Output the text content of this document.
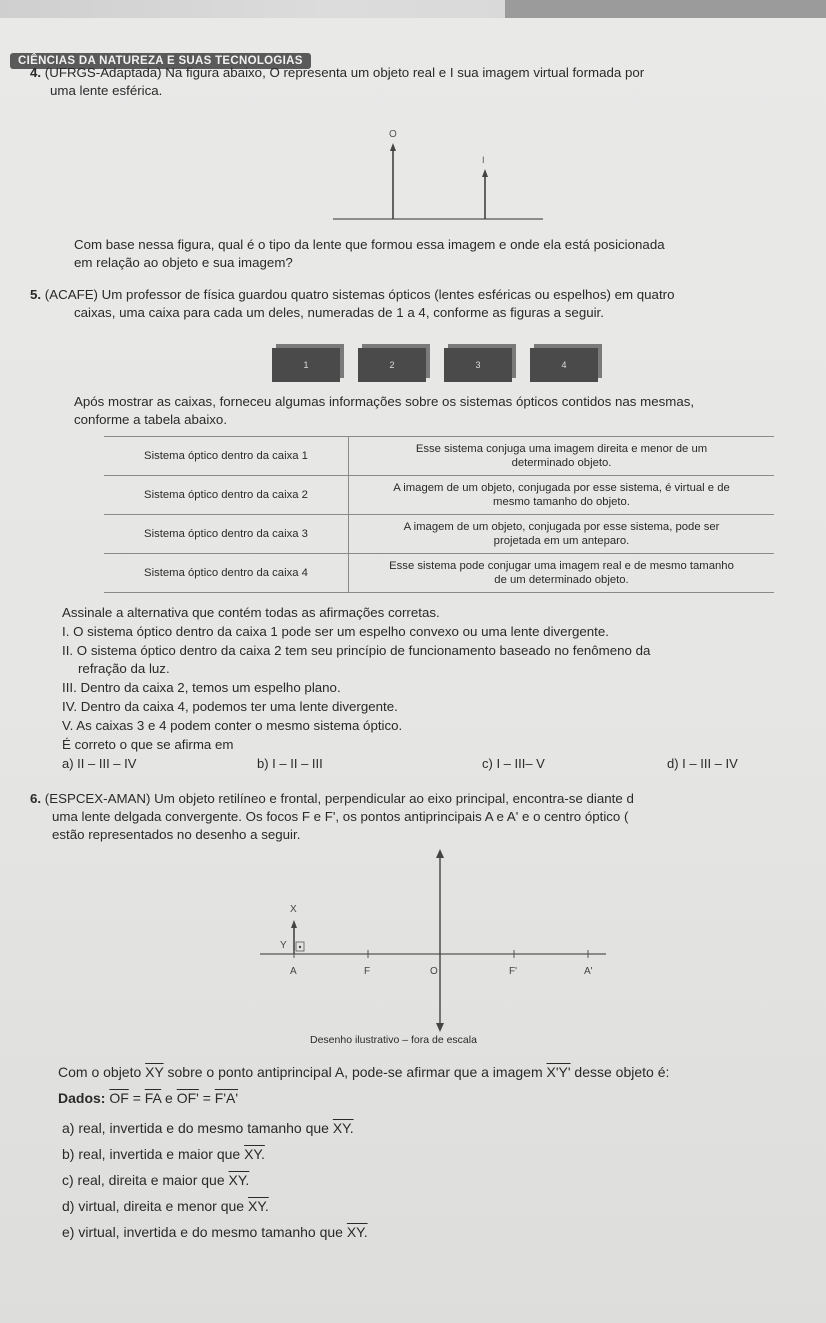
CIÊNCIAS DA NATUREZA E SUAS TECNOLOGIAS
4. (UFRGS-Adaptada) Na figura abaixo, O representa um objeto real e I sua imagem virtual formada por
uma lente esférica.
O
I
Com base nessa figura, qual é o tipo da lente que formou essa imagem e onde ela está posicionada
em relação ao objeto e sua imagem?
5. (ACAFE) Um professor de física guardou quatro sistemas ópticos (lentes esféricas ou espelhos) em quatro
caixas, uma caixa para cada um deles, numeradas de 1 a 4, conforme as figuras a seguir.
1	2	3	4
Após mostrar as caixas, forneceu algumas informações sobre os sistemas ópticos contidos nas mesmas,
conforme a tabela abaixo.
Sistema óptico dentro da caixa 1	Esse sistema conjuga uma imagem direita e menor de um
determinado objeto.
Sistema óptico dentro da caixa 2	A imagem de um objeto, conjugada por esse sistema, é virtual e de
mesmo tamanho do objeto.
Sistema óptico dentro da caixa 3	A imagem de um objeto, conjugada por esse sistema, pode ser
projetada em um anteparo.
Sistema óptico dentro da caixa 4	Esse sistema pode conjugar uma imagem real e de mesmo tamanho
de um determinado objeto.
Assinale a alternativa que contém todas as afirmações corretas.
I. O sistema óptico dentro da caixa 1 pode ser um espelho convexo ou uma lente divergente.
II. O sistema óptico dentro da caixa 2 tem seu princípio de funcionamento baseado no fenômeno da
refração da luz.
III. Dentro da caixa 2, temos um espelho plano.
IV. Dentro da caixa 4, podemos ter uma lente divergente.
V. As caixas 3 e 4 podem conter o mesmo sistema óptico.
É correto o que se afirma em
a) II – III – IV	b) I – II – III	c) I – III– V	d) I – III – IV
6. (ESPCEX-AMAN) Um objeto retilíneo e frontal, perpendicular ao eixo principal, encontra-se diante d
uma lente delgada convergente. Os focos F e F', os pontos antiprincipais A e A' e o centro óptico (
estão representados no desenho a seguir.
X
Y
A	F	O	F'	A'
Desenho ilustrativo – fora de escala
Com o objeto $\overline{XY}$ sobre o ponto antiprincipal A, pode-se afirmar que a imagem X'Y' desse objeto é:
Dados: $\overline{OF} = \overline{FA}$ e OF' = F'A'
a) real, invertida e do mesmo tamanho que XY.
b) real, invertida e maior que XY.
c) real, direita e maior que XY.
d) virtual, direita e menor que XY.
e) virtual, invertida e do mesmo tamanho que XY.
